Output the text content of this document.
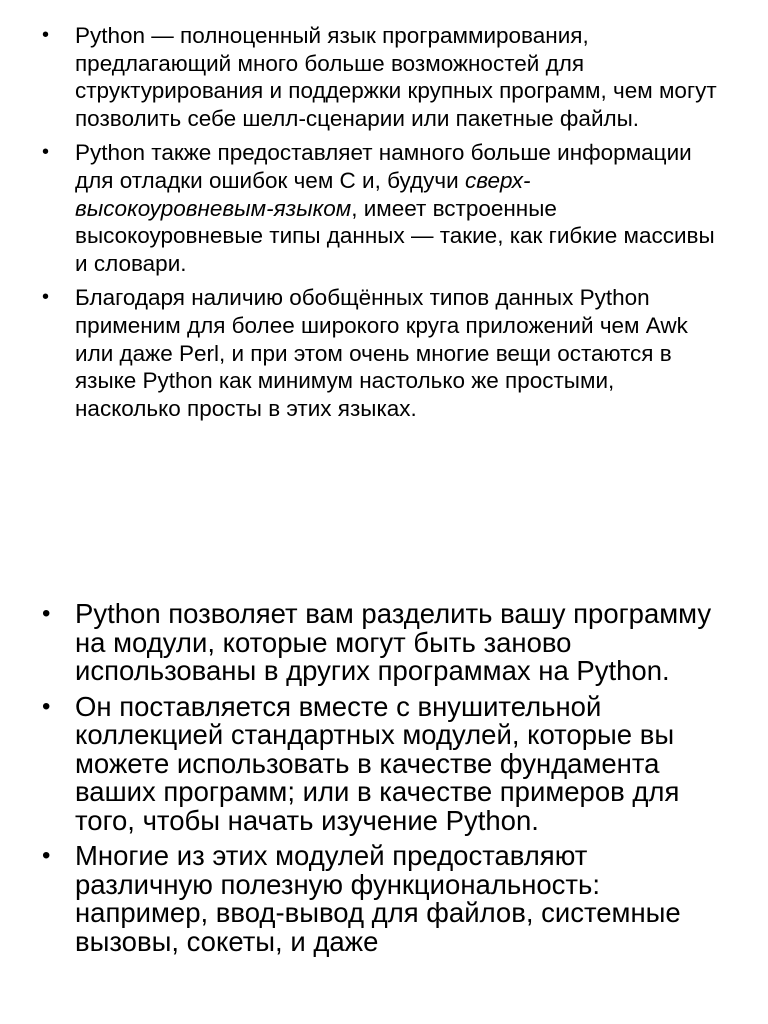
• Python — полноценный язык программирования, предлагающий много больше возможностей для структурирования и поддержки крупных программ, чем могут позволить себе шелл-сценарии или пакетные файлы.
• Python также предоставляет намного больше информации для отладки ошибок чем С и, будучи сверх-высокоуровневым-языком, имеет встроенные высокоуровневые типы данных — такие, как гибкие массивы и словари.
• Благодаря наличию обобщённых типов данных Python применим для более широкого круга приложений чем Awk или даже Perl, и при этом очень многие вещи остаются в языке Python как минимум настолько же простыми, насколько просты в этих языках.
• Python позволяет вам разделить вашу программу на модули, которые могут быть заново использованы в других программах на Python.
• Он поставляется вместе с внушительной коллекцией стандартных модулей, которые вы можете использовать в качестве фундамента ваших программ; или в качестве примеров для того, чтобы начать изучение Python.
• Многие из этих модулей предоставляют различную полезную функциональность: например, ввод-вывод для файлов, системные вызовы, сокеты, и даже
